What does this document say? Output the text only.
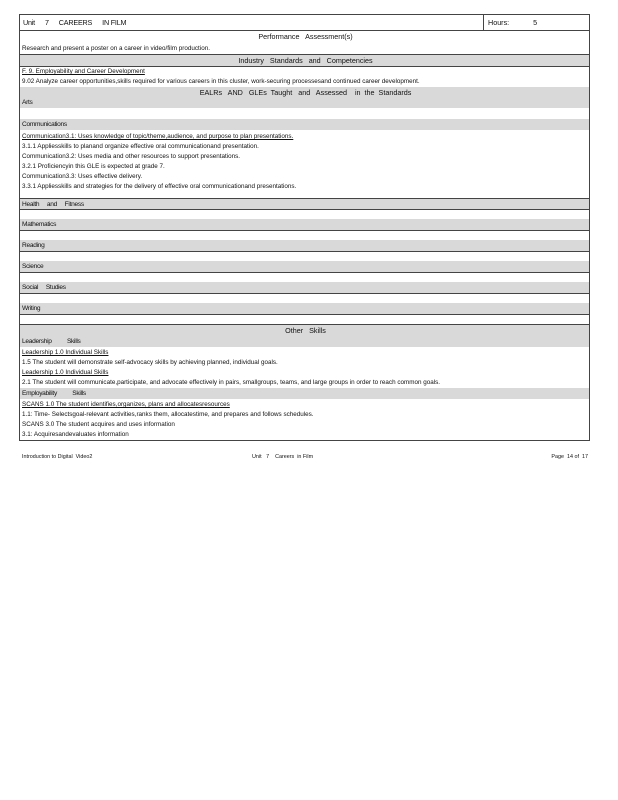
Unit 7 CAREERS IN FILM	Hours:	5
Performance   Assessment(s)
Research and present a poster on a career in video/film production.
Industry   Standards   and   Competencies
F. 9. Employability and Career Development
9.02 Analyze career opportunities,skills required for various careers in this cluster, work-securing processesand continued career development.
EALRs   AND   GLEs  Taught   and   Assessed    in  the  Standards
Arts
Communications
Communication3.1: Uses knowledge of topic/theme,audience, and purpose to plan presentations.
3.1.1 Appliesskills to planand organize effective oral communicationand presentation.
Communication3.2: Uses media and other resources to support presentations.
3.2.1 Proficiencyin this GLE is expected at grade 7.
Communication3.3: Uses effective delivery.
3.3.1 Appliesskills and strategies for the delivery of effective oral communicationand presentations.
Health     and     Fitness
Mathematics
Reading
Science
Social     Studies
Writing
Other   Skills
Leadership          Skills
Leadership 1.0 Individual Skills
1.5 The student will demonstrate self-advocacy skills by achieving planned, individual goals.
Leadership 1.0 Individual Skills
2.1 The student will communicate,participate, and advocate effectively in pairs, smallgroups, teams, and large groups in order to reach common goals.
Employability          Skills
SCANS 1.0 The student identifies,organizes, plans and allocatesresources
1.1: Time- Selectsgoal-relevant activities,ranks them, allocatestime, and prepares and follows schedules.
SCANS 3.0 The student acquires and uses information
3.1: Acquiresandevaluates information
Introduction to Digital  Video2	Unit   7    Careers  in Film	Page  14 of  17
